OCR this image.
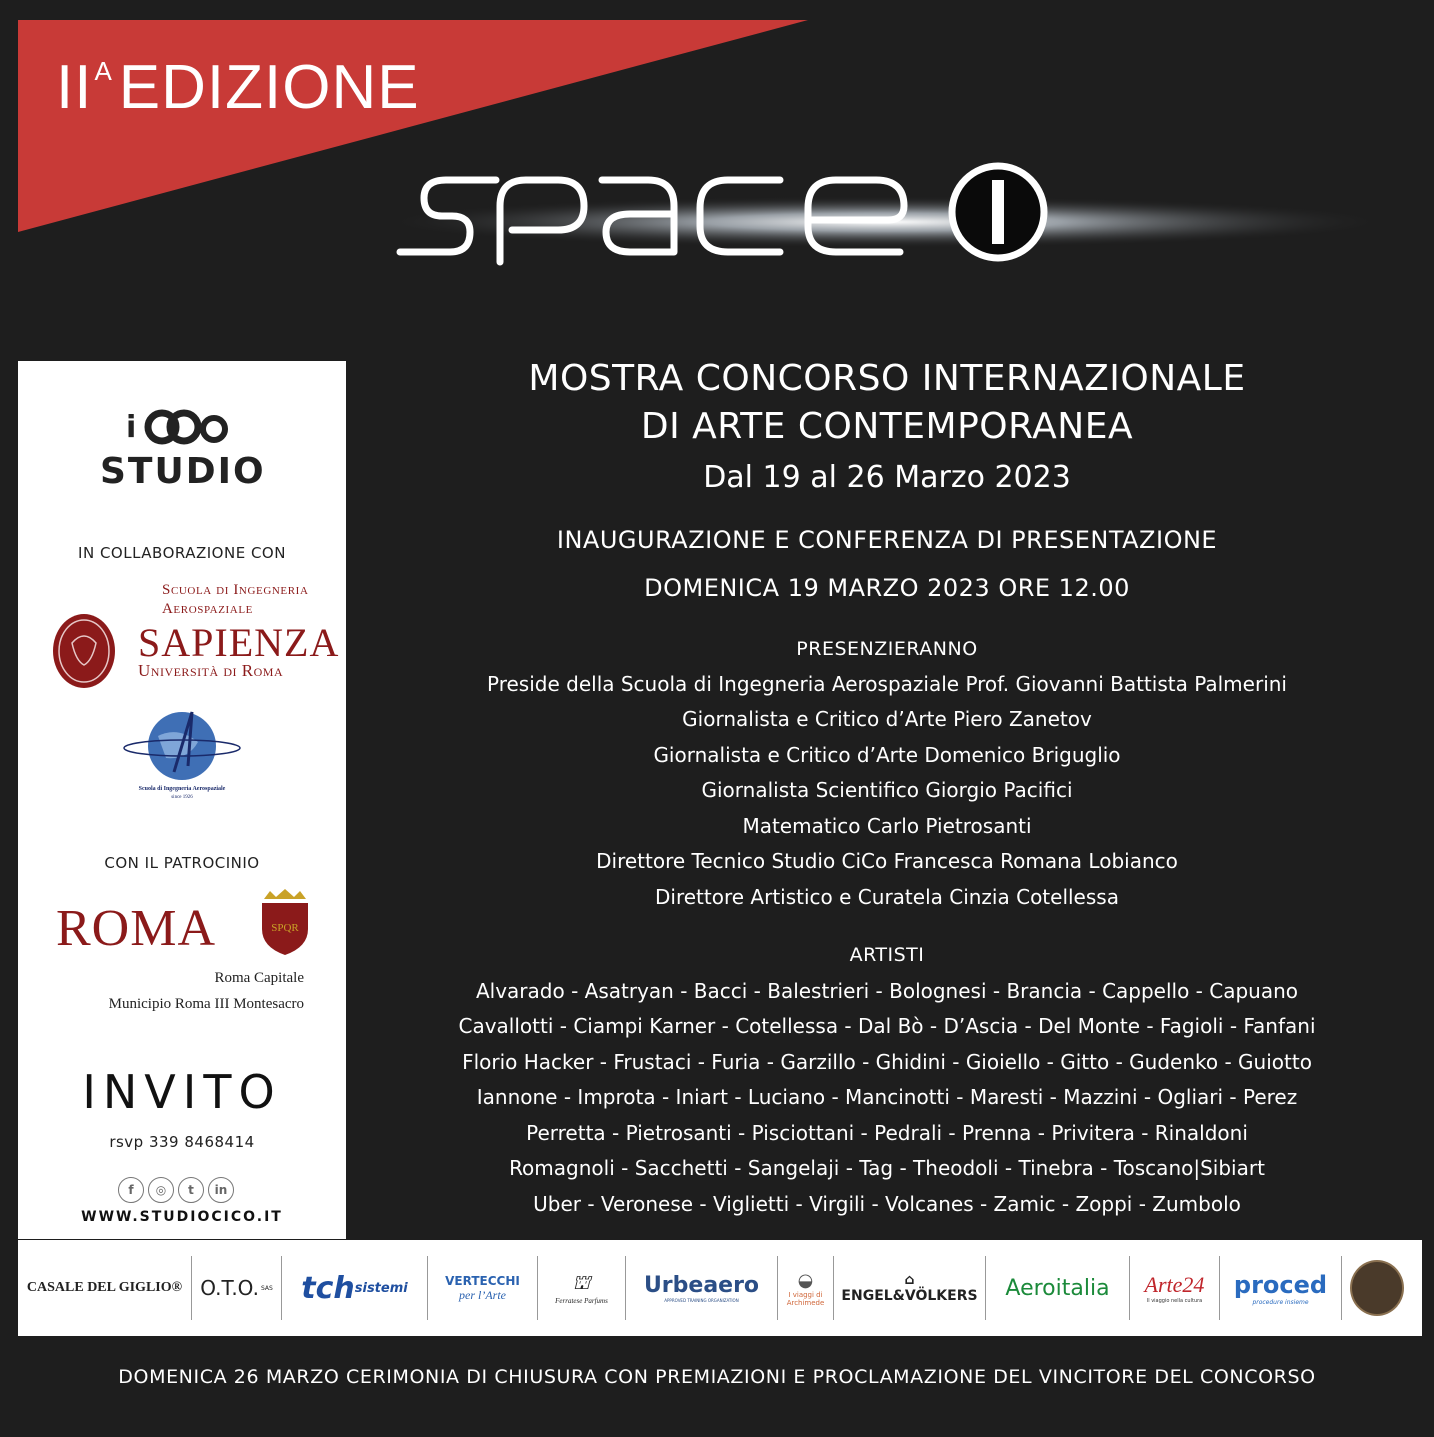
$II^AEDIZIONE$
i
STUDIO
IN COLLABORAZIONE CON
Scuola di Ingegneria
Aerospaziale
SAPIENZA
Università di Roma
Scuola di Ingegneria Aerospaziale
since 1926
CON IL PATROCINIO
ROMA	SPQR
Roma Capitale
Municipio Roma III Montesacro
INVITO
rsvp 339 8468414
f	◎	t	in
WWW.STUDIOCICO.IT
MOSTRA CONCORSO INTERNAZIONALE
DI ARTE CONTEMPORANEA
Dal 19 al 26 Marzo 2023
INAUGURAZIONE E CONFERENZA DI PRESENTAZIONE
DOMENICA 19 MARZO 2023 ORE 12.00
PRESENZIERANNO
Preside della Scuola di Ingegneria Aerospaziale Prof. Giovanni Battista Palmerini
Giornalista e Critico d’Arte Piero Zanetov
Giornalista e Critico d’Arte Domenico Briguglio
Giornalista Scientifico Giorgio Pacifici
Matematico Carlo Pietrosanti
Direttore Tecnico Studio CiCo Francesca Romana Lobianco
Direttore Artistico e Curatela Cinzia Cotellessa
ARTISTI
Alvarado - Asatryan - Bacci - Balestrieri - Bolognesi - Brancia - Cappello - Capuano
Cavallotti - Ciampi Karner - Cotellessa - Dal Bò - D’Ascia - Del Monte - Fagioli - Fanfani
Florio Hacker - Frustaci - Furia - Garzillo - Ghidini - Gioiello - Gitto - Gudenko - Guiotto
Iannone - Improta - Iniart - Luciano - Mancinotti - Maresti - Mazzini - Ogliari - Perez
Perretta - Pietrosanti - Pisciottani - Pedrali - Prenna - Privitera - Rinaldoni
Romagnoli - Sacchetti - Sangelaji - Tag - Theodoli - Tinebra - Toscano|Sibiart
Uber - Veronese - Viglietti - Virgili - Volcanes - Zamic - Zoppi - Zumbolo
CASALE DEL GIGLIO® O.T.O. SAS tch sistemi	VERTECCHI
per l’Arte
⛫
Ferratese Parfums
Urbeaero
APPROVED TRAINING ORGANIZATION
◒
I viaggi di Archimede
⌂
ENGEL&VÖLKERS	Aeroitalia	Arte24
Il viaggio nella cultura
proced
procedure insieme
DOMENICA 26 MARZO CERIMONIA DI CHIUSURA CON PREMIAZIONI E PROCLAMAZIONE DEL VINCITORE DEL CONCORSO
